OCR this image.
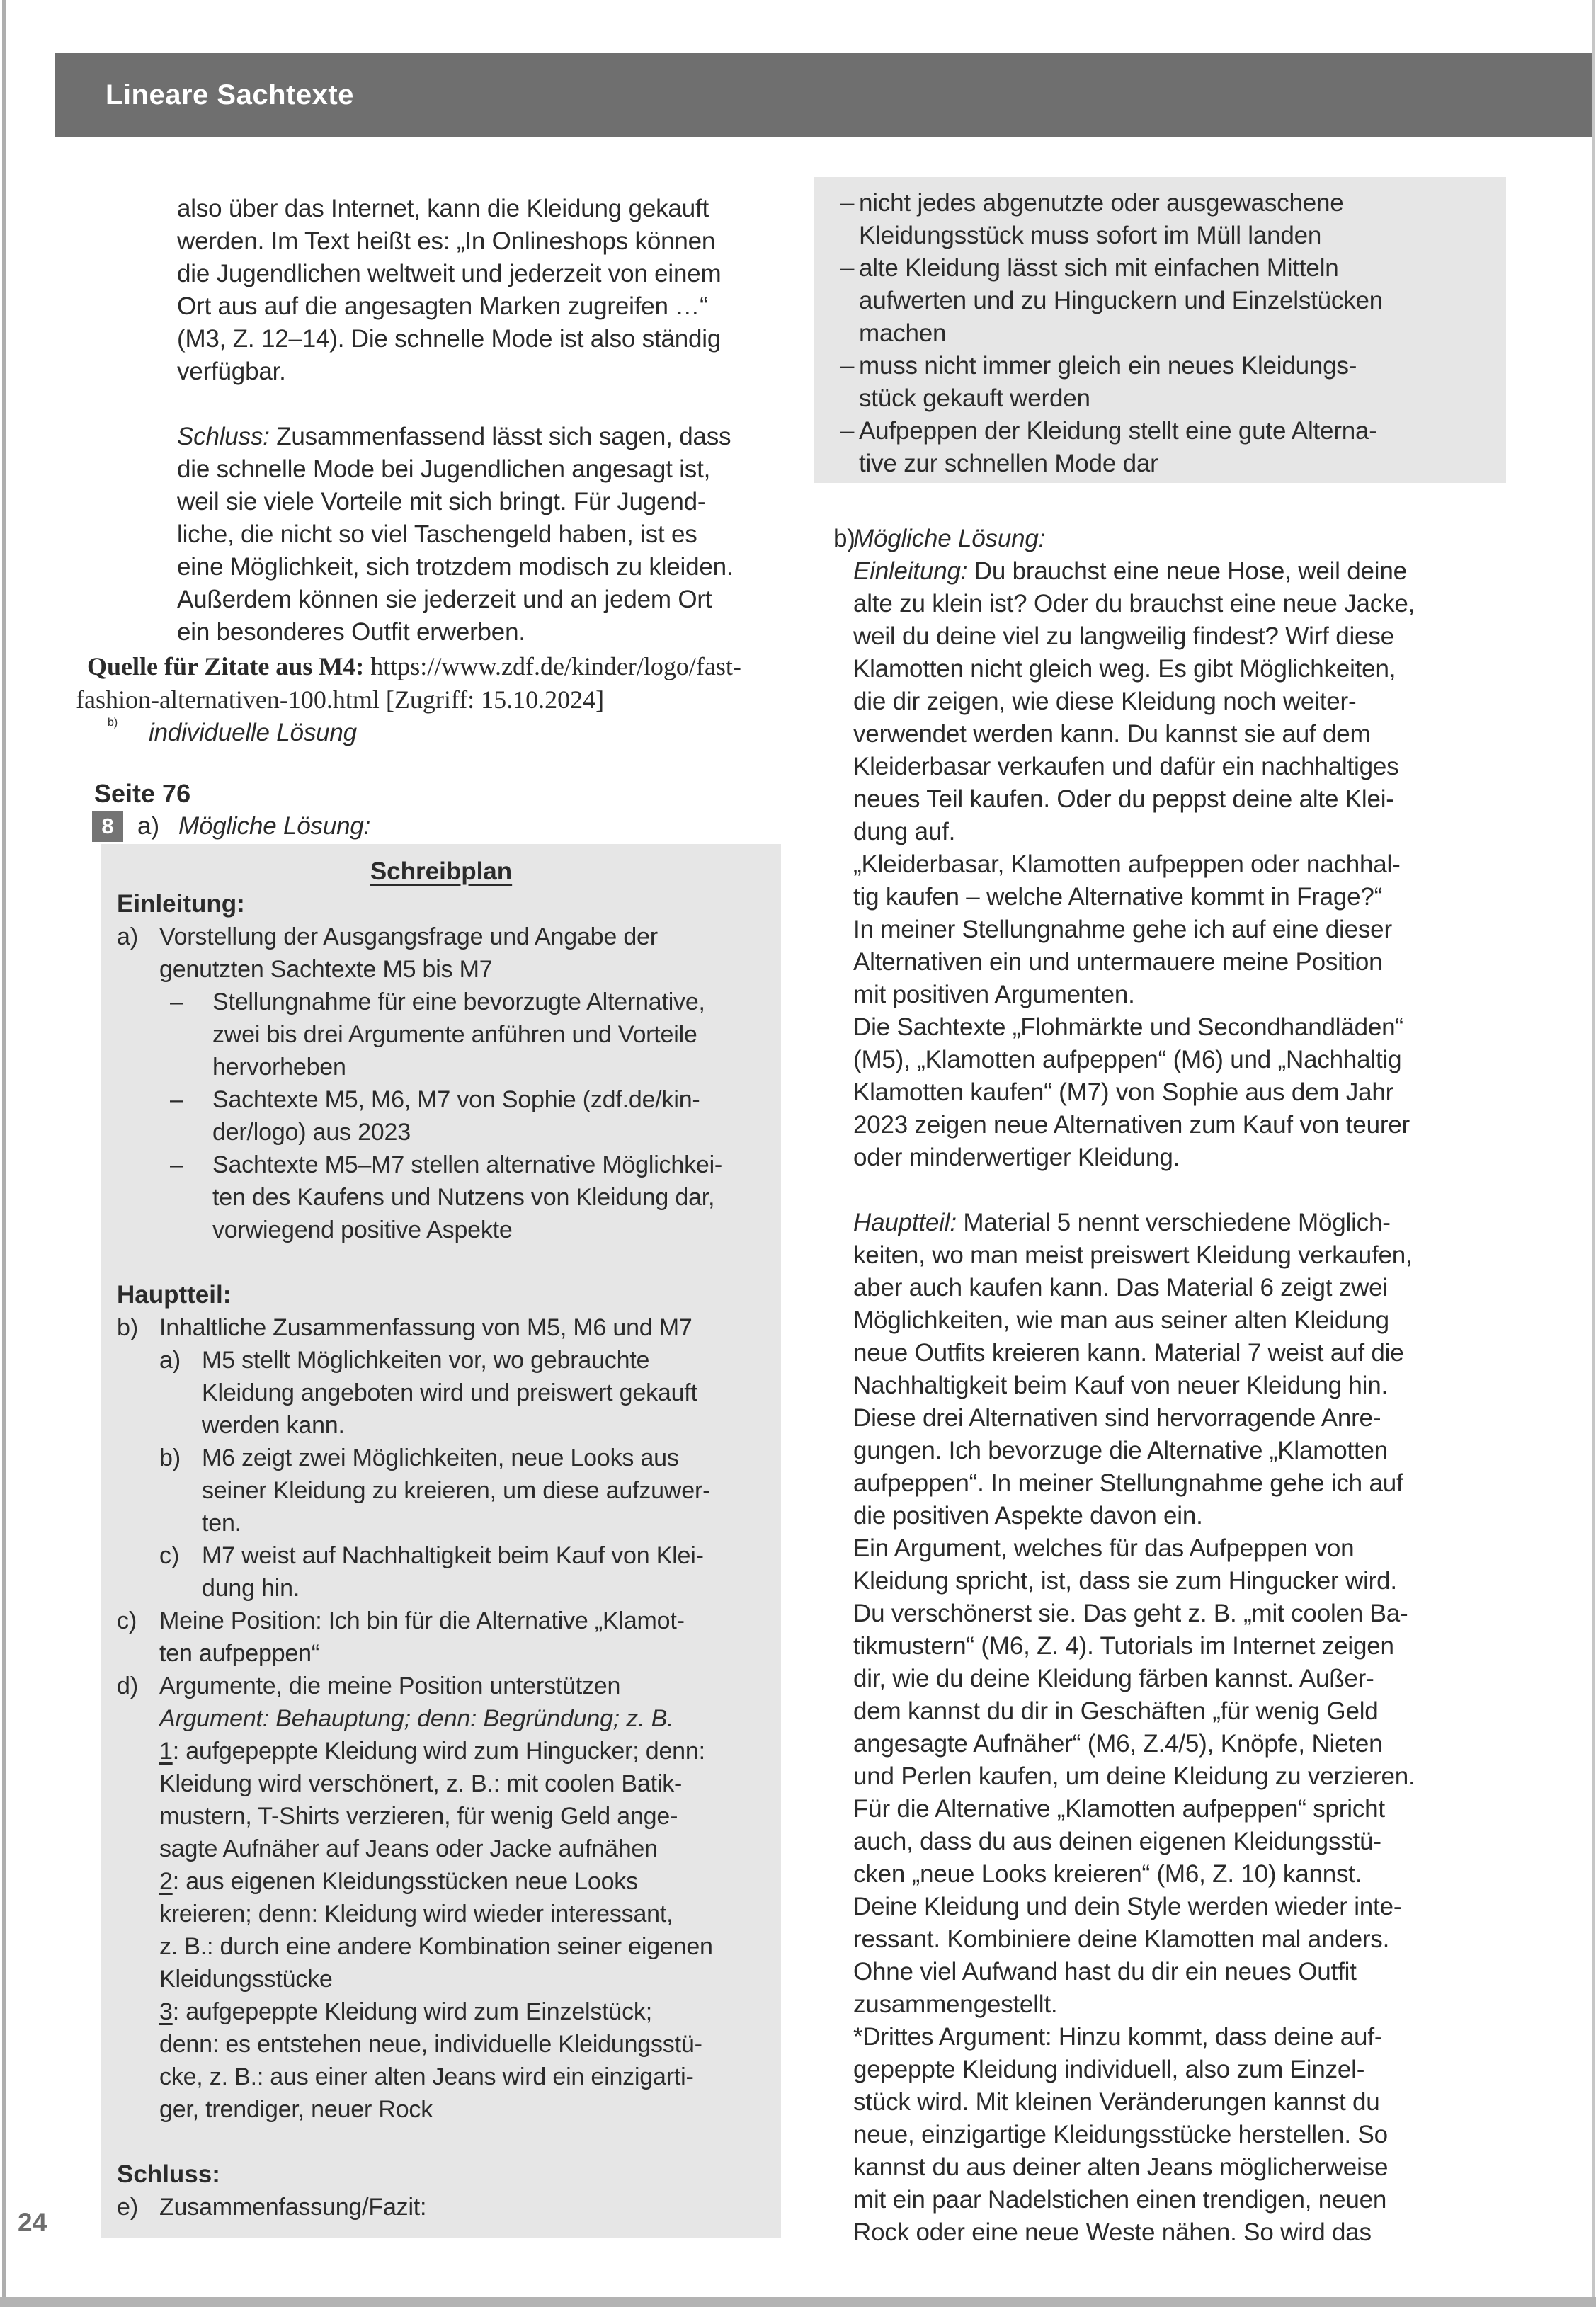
Lineare Sachtexte
also über das Internet, kann die Kleidung gekauft
werden. Im Text heißt es: „In Onlineshops können
die Jugendlichen weltweit und jederzeit von einem
Ort aus auf die angesagten Marken zugreifen …“
(M3, Z. 12–14). Die schnelle Mode ist also ständig
verfügbar.
Schluss: Zusammenfassend lässt sich sagen, dass
die schnelle Mode bei Jugendlichen angesagt ist,
weil sie viele Vorteile mit sich bringt. Für Jugend-
liche, die nicht so viel Taschengeld haben, ist es
eine Möglichkeit, sich trotzdem modisch zu kleiden.
Außerdem können sie jederzeit und an jedem Ort
ein besonderes Outfit erwerben.
Quelle für Zitate aus M4: https://www.zdf.de/kinder/logo/fast-
fashion-alternativen-100.html [Zugriff: 15.10.2024]
b)	individuelle Lösung
Seite 76
8 a) Mögliche Lösung:
Schreibplan
Einleitung:
a) Vorstellung der Ausgangsfrage und Angabe der
genutzten Sachtexte M5 bis M7
–	Stellungnahme für eine bevorzugte Alternative,
zwei bis drei Argumente anführen und Vorteile
hervorheben
–	Sachtexte M5, M6, M7 von Sophie (zdf.de/kin-
der/logo) aus 2023
–	Sachtexte M5–M7 stellen alternative Möglichkei-
ten des Kaufens und Nutzens von Kleidung dar,
vorwiegend positive Aspekte
Hauptteil:
b) Inhaltliche Zusammenfassung von M5, M6 und M7
a) M5 stellt Möglichkeiten vor, wo gebrauchte
Kleidung angeboten wird und preiswert gekauft
werden kann.
b) M6 zeigt zwei Möglichkeiten, neue Looks aus
seiner Kleidung zu kreieren, um diese aufzuwer-
ten.
c) M7 weist auf Nachhaltigkeit beim Kauf von Klei-
dung hin.
c) Meine Position: Ich bin für die Alternative „Klamot-
ten aufpeppen“
d) Argumente, die meine Position unterstützen
Argument: Behauptung; denn: Begründung; z. B.
1: aufgepeppte Kleidung wird zum Hingucker; denn:
Kleidung wird verschönert, z. B.: mit coolen Batik-
mustern, T-Shirts verzieren, für wenig Geld ange-
sagte Aufnäher auf Jeans oder Jacke aufnähen
2: aus eigenen Kleidungsstücken neue Looks
kreieren; denn: Kleidung wird wieder interessant,
z. B.: durch eine andere Kombination seiner eigenen
Kleidungsstücke
3: aufgepeppte Kleidung wird zum Einzelstück;
denn: es entstehen neue, individuelle Kleidungsstü-
cke, z. B.: aus einer alten Jeans wird ein einzigarti-
ger, trendiger, neuer Rock
Schluss:
e) Zusammenfassung/Fazit:
– nicht jedes abgenutzte oder ausgewaschene
Kleidungsstück muss sofort im Müll landen
– alte Kleidung lässt sich mit einfachen Mitteln
aufwerten und zu Hinguckern und Einzelstücken
machen
– muss nicht immer gleich ein neues Kleidungs-
stück gekauft werden
– Aufpeppen der Kleidung stellt eine gute Alterna-
tive zur schnellen Mode dar
b)
Mögliche Lösung:
Einleitung: Du brauchst eine neue Hose, weil deine
alte zu klein ist? Oder du brauchst eine neue Jacke,
weil du deine viel zu langweilig findest? Wirf diese
Klamotten nicht gleich weg. Es gibt Möglichkeiten,
die dir zeigen, wie diese Kleidung noch weiter-
verwendet werden kann. Du kannst sie auf dem
Kleiderbasar verkaufen und dafür ein nachhaltiges
neues Teil kaufen. Oder du peppst deine alte Klei-
dung auf.
„Kleiderbasar, Klamotten aufpeppen oder nachhal-
tig kaufen – welche Alternative kommt in Frage?“
In meiner Stellungnahme gehe ich auf eine dieser
Alternativen ein und untermauere meine Position
mit positiven Argumenten.
Die Sachtexte „Flohmärkte und Secondhandläden“
(M5), „Klamotten aufpeppen“ (M6) und „Nachhaltig
Klamotten kaufen“ (M7) von Sophie aus dem Jahr
2023 zeigen neue Alternativen zum Kauf von teurer
oder minderwertiger Kleidung.
Hauptteil: Material 5 nennt verschiedene Möglich-
keiten, wo man meist preiswert Kleidung verkaufen,
aber auch kaufen kann. Das Material 6 zeigt zwei
Möglichkeiten, wie man aus seiner alten Kleidung
neue Outfits kreieren kann. Material 7 weist auf die
Nachhaltigkeit beim Kauf von neuer Kleidung hin.
Diese drei Alternativen sind hervorragende Anre-
gungen. Ich bevorzuge die Alternative „Klamotten
aufpeppen“. In meiner Stellungnahme gehe ich auf
die positiven Aspekte davon ein.
Ein Argument, welches für das Aufpeppen von
Kleidung spricht, ist, dass sie zum Hingucker wird.
Du verschönerst sie. Das geht z. B. „mit coolen Ba-
tikmustern“ (M6, Z. 4). Tutorials im Internet zeigen
dir, wie du deine Kleidung färben kannst. Außer-
dem kannst du dir in Geschäften „für wenig Geld
angesagte Aufnäher“ (M6, Z.4/5), Knöpfe, Nieten
und Perlen kaufen, um deine Kleidung zu verzieren.
Für die Alternative „Klamotten aufpeppen“ spricht
auch, dass du aus deinen eigenen Kleidungsstü-
cken „neue Looks kreieren“ (M6, Z. 10) kannst.
Deine Kleidung und dein Style werden wieder inte-
ressant. Kombiniere deine Klamotten mal anders.
Ohne viel Aufwand hast du dir ein neues Outfit
zusammengestellt.
*Drittes Argument: Hinzu kommt, dass deine auf-
gepeppte Kleidung individuell, also zum Einzel-
stück wird. Mit kleinen Veränderungen kannst du
neue, einzigartige Kleidungsstücke herstellen. So
kannst du aus deiner alten Jeans möglicherweise
mit ein paar Nadelstichen einen trendigen, neuen
Rock oder eine neue Weste nähen. So wird das
24
